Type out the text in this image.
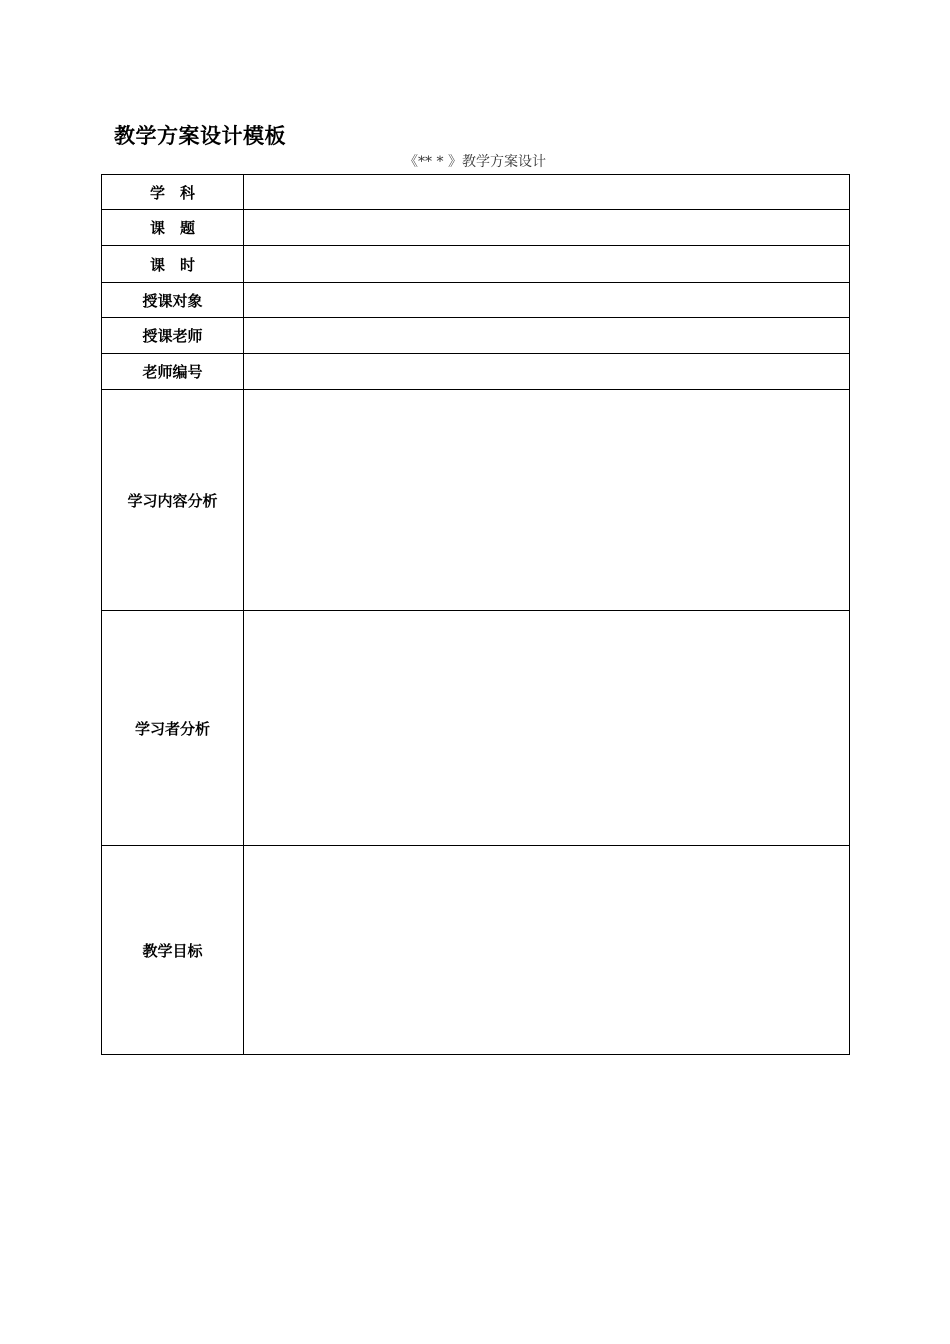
教学方案设计模板
《** * 》教学方案设计
学　科	
课　题	
课　时	
授课对象	
授课老师	
老师编号	
学习内容分析	
学习者分析	
教学目标	
